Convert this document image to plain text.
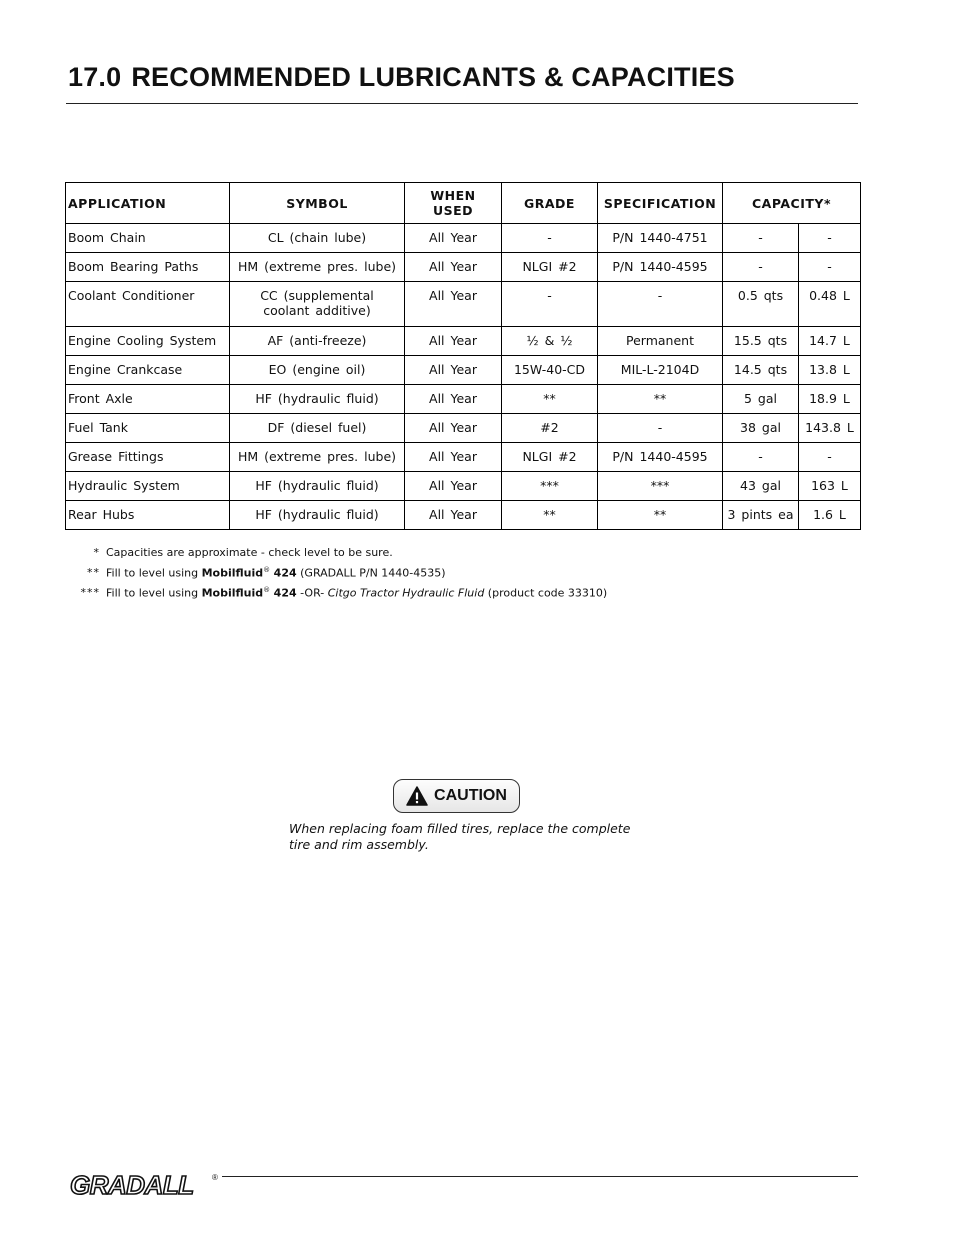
17.0 RECOMMENDED LUBRICANTS & CAPACITIES
APPLICATION	SYMBOL	WHEN USED	GRADE	SPECIFICATION	CAPACITY*	
Boom Chain	CL (chain lube)	All Year	-	P/N 1440-4751	-	-
Boom Bearing Paths	HM (extreme pres. lube)	All Year	NLGI #2	P/N 1440-4595	-	-
Coolant Conditioner	CC (supplemental coolant additive)	All Year	-	-	0.5 qts	0.48 L
Engine Cooling System	AF (anti-freeze)	All Year	½ & ½	Permanent	15.5 qts	14.7 L
Engine Crankcase	EO (engine oil)	All Year	15W-40-CD	MIL-L-2104D	14.5 qts	13.8 L
Front Axle	HF (hydraulic fluid)	All Year	**	**	5 gal	18.9 L
Fuel Tank	DF (diesel fuel)	All Year	#2	-	38 gal	143.8 L
Grease Fittings	HM (extreme pres. lube)	All Year	NLGI #2	P/N 1440-4595	-	-
Hydraulic System	HF (hydraulic fluid)	All Year	***	***	43 gal	163 L
Rear Hubs	HF (hydraulic fluid)	All Year	**	**	3 pints ea	1.6 L
* Capacities are approximate - check level to be sure.
** Fill to level using Mobilfluid® 424 (GRADALL P/N 1440-4535)
*** Fill to level using Mobilfluid® 424 -OR- Citgo Tractor Hydraulic Fluid (product code 33310)
CAUTION
When replacing foam filled tires, replace the complete tire and rim assembly.
GRADALL ®
